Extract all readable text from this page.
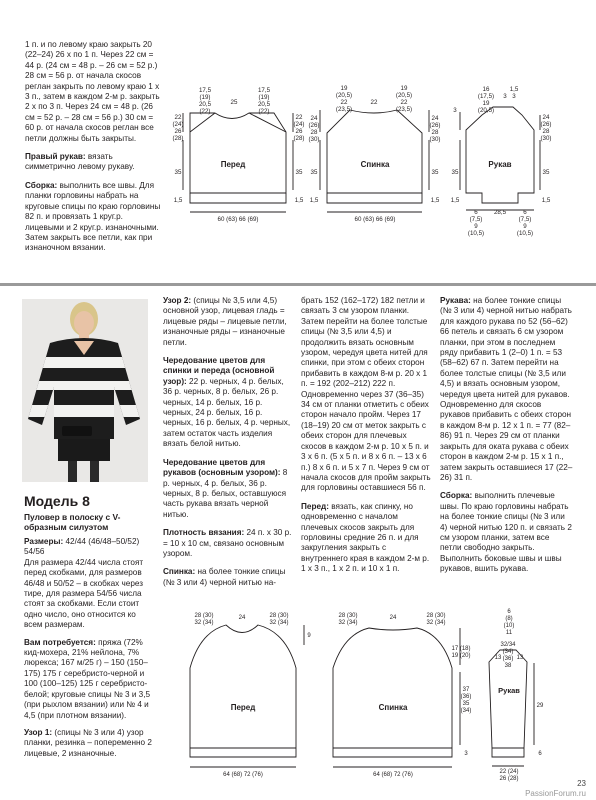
1 п. и по левому краю закрыть 20 (22–24) 26 х по 1 п. Через 22 см = 44 р. (24 см = 48 р. – 26 см = 52 р.) 28 см = 56 р. от начала скосов реглан закрыть по левому краю 1 х 3 п., затем в каждом 2-м р. закрыть 2 х по 3 п. Через 24 см = 48 р. (26 см = 52 р. – 28 см = 56 р.) 30 см = 60 р. от начала скосов реглан все петли должны быть закрыты.

Правый рукав: вязать симметрично левому рукаву.

Сборка: выполнить все швы. Для планки горловины набрать на круговые спицы по краю горловины 82 п. и провязать 1 круг.р. лицевыми и 2 круг.р. изнаночными. Затем закрыть все петли, как при изнаночном вязании.

17,5
(19)
20,5
(22)
25
17,5
(19)
20,5
(22)
22
(24)
26
(28)
22
(24)
26
(28)
35	35
1,5	1,5
60 (63) 66 (69)
Перед
19
(20,5)
22
(23,5)
22
19
(20,5)
22
(23,5)
24
(26)
28
(30)
24
(26)
28
(30)
35	35
1,5	1,5
60 (63) 66 (69)
Спинка
16
(17,5)
19
(20,5)
3
1,5
3
3
24
(26)
28
(30)
35	35
1,5	1,5
6
(7,5)
9
(10,5)
28,5	6
(7,5)
9
(10,5)
Рукав
Модель 8
Пуловер в полоску с V-образным силуэтом

Размеры: 42/44 (46/48–50/52) 54/56

Для размера 42/44 числа стоят перед скобками, для размеров 46/48 и 50/52 – в скобках через тире, для размера 54/56 числа стоят за скобками. Если стоит одно число, оно относится ко всем размерам.

Вам потребуется: пряжа (72% кид-мохера, 21% нейлона, 7% люрекса; 167 м/25 г) – 150 (150–175) 175 г серебристо-черной и 100 (100–125) 125 г серебристо-белой; круговые спицы № 3 и 3,5 (при рыхлом вязании) или № 4 и 4,5 (при плотном вязании).

Узор 1: (спицы № 3 или 4) узор планки, резинка – попеременно 2 лицевые, 2 изнаночные.

Узор 2: (спицы № 3,5 или 4,5) основной узор, лицевая гладь = лицевые ряды – лицевые петли, изнаночные ряды – изнаночные петли.

Чередование цветов для спинки и переда (основной узор): 22 р. черных, 4 р. белых, 36 р. черных, 8 р. белых, 26 р. черных, 14 р. белых, 16 р. черных, 24 р. белых, 16 р. черных, 16 р. белых, 4 р. черных, затем остаток часть изделия вязать белой нитью.

Чередование цветов для рукавов (основным узором): 8 р. черных, 4 р. белых, 36 р. черных, 8 р. белых, оставшуюся часть рукава вязать черной нитью.

Плотность вязания: 24 п. х 30 р. = 10 х 10 см, связано основным узором.

Спинка: на более тонкие спицы (№ 3 или 4) черной нитью на-

брать 152 (162–172) 182 петли и связать 3 см узором планки. Затем перейти на более толстые спицы (№ 3,5 или 4,5) и продолжить вязать основным узором, чередуя цвета нитей для спинки, при этом с обеих сторон прибавить в каждом 8-м р. 20 х 1 п. = 192 (202–212) 222 п. Одновременно через 37 (36–35) 34 см от планки отметить с обеих сторон начало пройм. Через 17 (18–19) 20 см от меток закрыть с обеих сторон для плечевых скосов в каждом 2-м р. 10 х 5 п. и 3 х 6 п. (5 х 5 п. и 8 х 6 п. – 13 х 6 п.) 8 х 6 п. и 5 х 7 п. Через 9 см от начала скосов для пройм закрыть для горловины оставшиеся 56 п.

Перед: вязать, как спинку, но одновременно с началом плечевых скосов закрыть для горловины средние 26 п. и для закругления закрыть с внутреннего края в каждом 2-м р. 1 х 3 п., 1 х 2 п. и 10 х 1 п.

Рукава: на более тонкие спицы (№ 3 или 4) черной нитью набрать для каждого рукава по 52 (56–62) 66 петель и связать 6 см узором планки, при этом в последнем ряду прибавить 1 (2–0) 1 п. = 53 (58–62) 67 п. Затем перейти на более толстые спицы (№ 3,5 или 4,5) и вязать основным узором, чередуя цвета нитей для рукавов. Одновременно для скосов рукавов прибавить с обеих сторон в каждом 8-м р. 12 х 1 п. = 77 (82–86) 91 п. Через 29 см от планки закрыть для оката рукава с обеих сторон в каждом 2-м р. 15 х 1 п., затем закрыть оставшиеся 17 (22–26) 31 п.

Сборка: выполнить плечевые швы. По краю горловины набрать на более тонкие спицы (№ 3 или 4) черной нитью 120 п. и связать 2 см узором планки, затем все петли свободно закрыть. Выполнить боковые швы и швы рукавов, вшить рукава.

28 (30)
32 (34)
24	28 (30)
32 (34)
9
64 (68) 72 (76)
Перед
28 (30)
32 (34)
24	28 (30)
32 (34)
17 (18)
19 (20)
37
(36)
35
(34)
3
64 (68) 72 (76)
Спинка
6
(8)
(10)
11
32/34
(34)
(36)
38
13	13
29
6
22 (24)
26 (28)
Рукав
23
PassionForum.ru
